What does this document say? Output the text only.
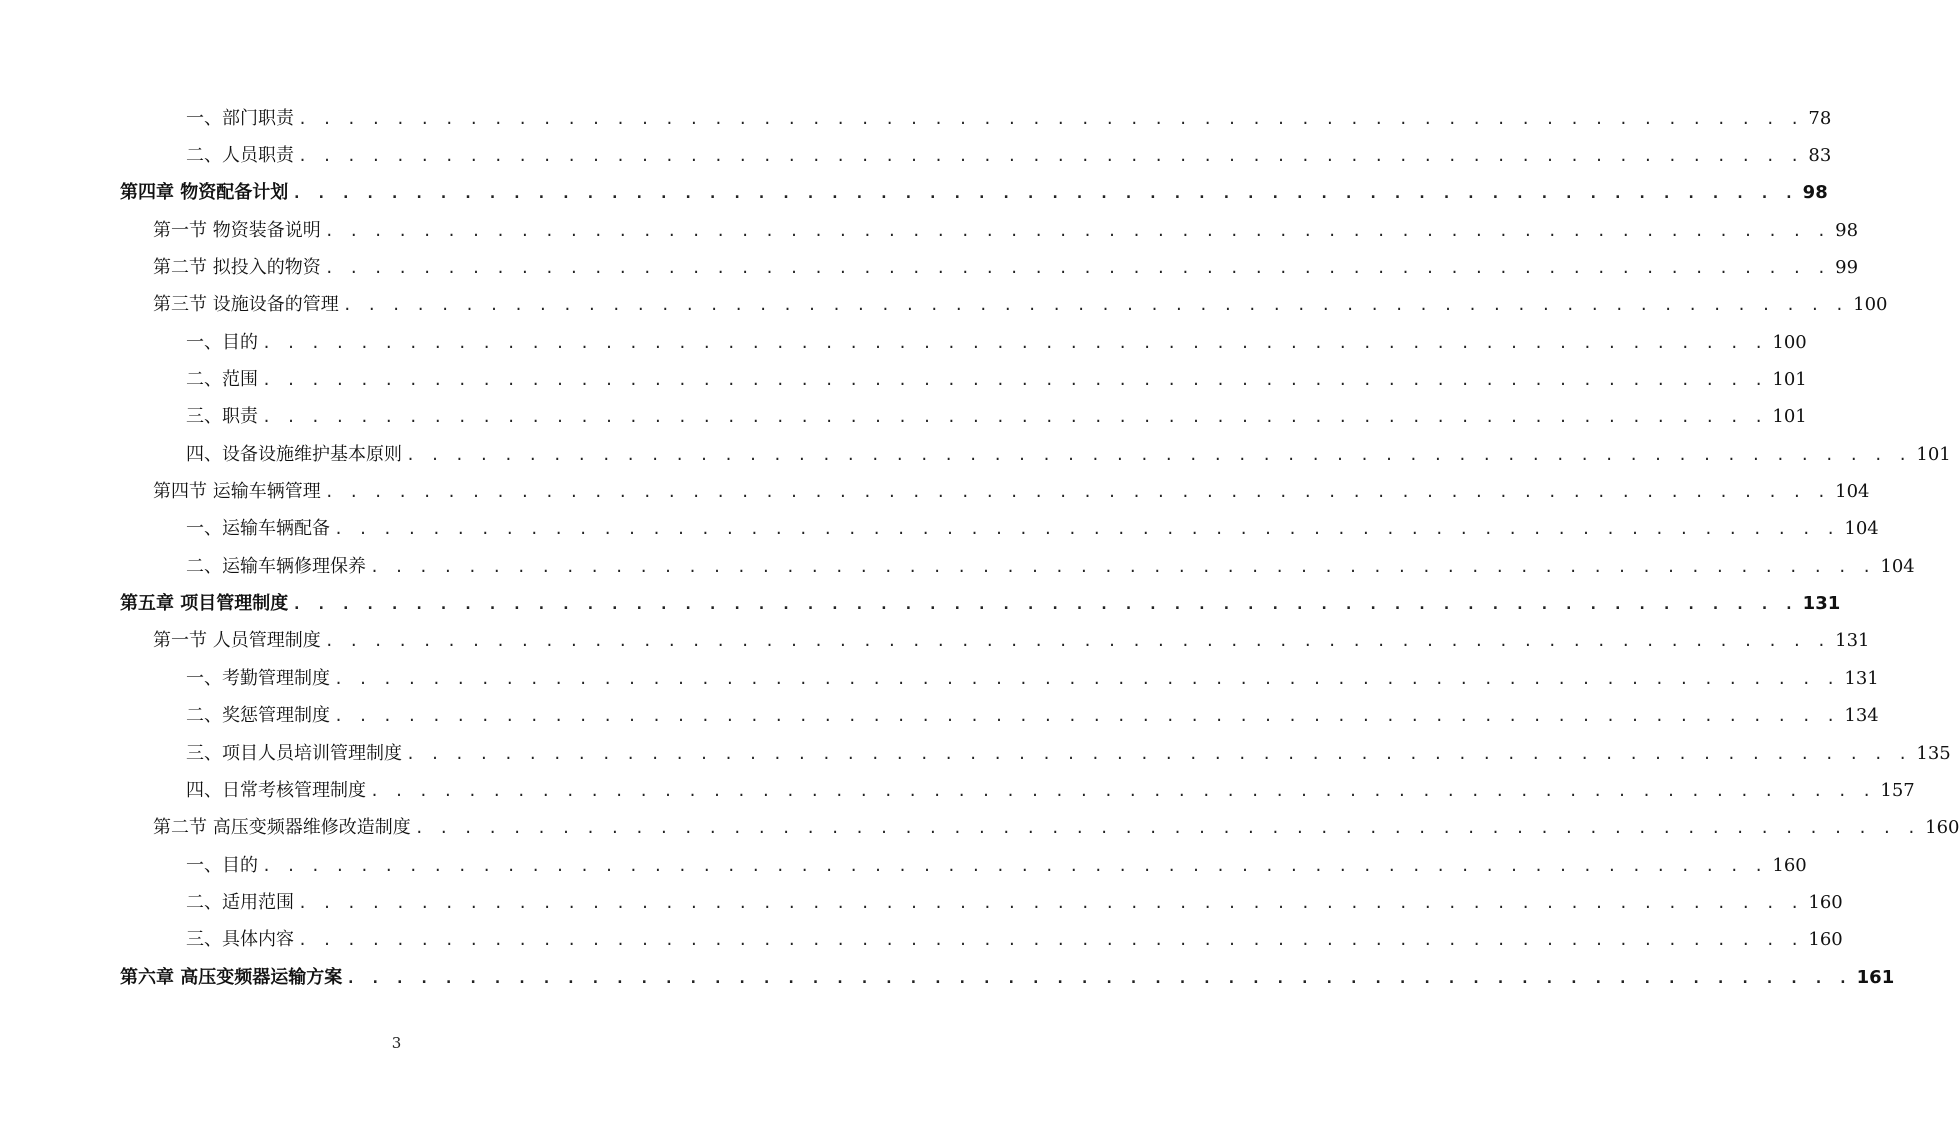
一、部门职责 . . . . . . . . . . . . . . . . . . . . . . . . . . . . . . . . . . . . . . . . . . . . . . . . . . . . . . . . . . . . . . 78
二、人员职责 . . . . . . . . . . . . . . . . . . . . . . . . . . . . . . . . . . . . . . . . . . . . . . . . . . . . . . . . . . . . . . 83
第四章 物资配备计划 . . . . . . . . . . . . . . . . . . . . . . . . . . . . . . . . . . . . . . . . . . . . . . . . . . . . . . . . . . . . . . 98
第一节 物资装备说明 . . . . . . . . . . . . . . . . . . . . . . . . . . . . . . . . . . . . . . . . . . . . . . . . . . . . . . . . . . . . . . 98
第二节 拟投入的物资 . . . . . . . . . . . . . . . . . . . . . . . . . . . . . . . . . . . . . . . . . . . . . . . . . . . . . . . . . . . . . . 99
第三节 设施设备的管理 . . . . . . . . . . . . . . . . . . . . . . . . . . . . . . . . . . . . . . . . . . . . . . . . . . . . . . . . . . . . . . 100
一、目的 . . . . . . . . . . . . . . . . . . . . . . . . . . . . . . . . . . . . . . . . . . . . . . . . . . . . . . . . . . . . . . 100
二、范围 . . . . . . . . . . . . . . . . . . . . . . . . . . . . . . . . . . . . . . . . . . . . . . . . . . . . . . . . . . . . . . 101
三、职责 . . . . . . . . . . . . . . . . . . . . . . . . . . . . . . . . . . . . . . . . . . . . . . . . . . . . . . . . . . . . . . 101
四、设备设施维护基本原则 . . . . . . . . . . . . . . . . . . . . . . . . . . . . . . . . . . . . . . . . . . . . . . . . . . . . . . . . . . . . . . 101
第四节 运输车辆管理 . . . . . . . . . . . . . . . . . . . . . . . . . . . . . . . . . . . . . . . . . . . . . . . . . . . . . . . . . . . . . . 104
一、运输车辆配备 . . . . . . . . . . . . . . . . . . . . . . . . . . . . . . . . . . . . . . . . . . . . . . . . . . . . . . . . . . . . . . 104
二、运输车辆修理保养 . . . . . . . . . . . . . . . . . . . . . . . . . . . . . . . . . . . . . . . . . . . . . . . . . . . . . . . . . . . . . . 104
第五章 项目管理制度 . . . . . . . . . . . . . . . . . . . . . . . . . . . . . . . . . . . . . . . . . . . . . . . . . . . . . . . . . . . . . . 131
第一节 人员管理制度 . . . . . . . . . . . . . . . . . . . . . . . . . . . . . . . . . . . . . . . . . . . . . . . . . . . . . . . . . . . . . . 131
一、考勤管理制度 . . . . . . . . . . . . . . . . . . . . . . . . . . . . . . . . . . . . . . . . . . . . . . . . . . . . . . . . . . . . . . 131
二、奖惩管理制度 . . . . . . . . . . . . . . . . . . . . . . . . . . . . . . . . . . . . . . . . . . . . . . . . . . . . . . . . . . . . . . 134
三、项目人员培训管理制度 . . . . . . . . . . . . . . . . . . . . . . . . . . . . . . . . . . . . . . . . . . . . . . . . . . . . . . . . . . . . . . 135
四、日常考核管理制度 . . . . . . . . . . . . . . . . . . . . . . . . . . . . . . . . . . . . . . . . . . . . . . . . . . . . . . . . . . . . . . 157
第二节 高压变频器维修改造制度 . . . . . . . . . . . . . . . . . . . . . . . . . . . . . . . . . . . . . . . . . . . . . . . . . . . . . . . . . . . . . . 160
一、目的 . . . . . . . . . . . . . . . . . . . . . . . . . . . . . . . . . . . . . . . . . . . . . . . . . . . . . . . . . . . . . . 160
二、适用范围 . . . . . . . . . . . . . . . . . . . . . . . . . . . . . . . . . . . . . . . . . . . . . . . . . . . . . . . . . . . . . . 160
三、具体内容 . . . . . . . . . . . . . . . . . . . . . . . . . . . . . . . . . . . . . . . . . . . . . . . . . . . . . . . . . . . . . . 160
第六章 高压变频器运输方案 . . . . . . . . . . . . . . . . . . . . . . . . . . . . . . . . . . . . . . . . . . . . . . . . . . . . . . . . . . . . . . 161
3
